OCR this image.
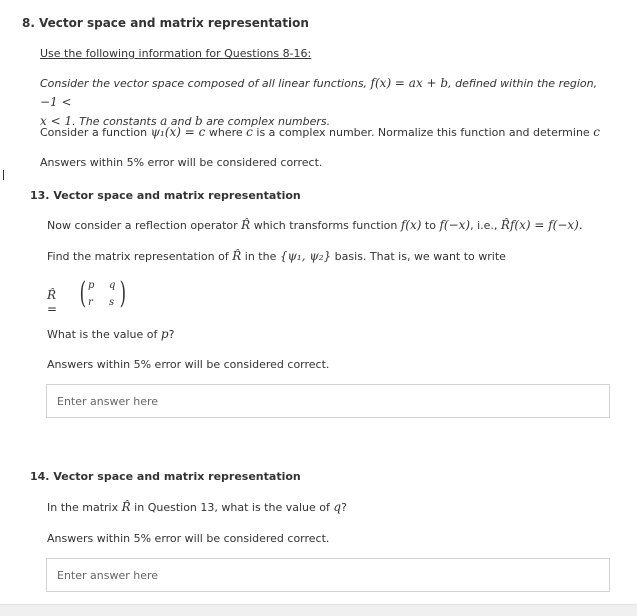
8. Vector space and matrix representation
Use the following information for Questions 8-16:
Consider the vector space composed of all linear functions, f(x) = ax + b, defined within the region, −1 <
x < 1. The constants a and b are complex numbers.
Consider a function ψ₁(x) = c where c is a complex number. Normalize this function and determine c
Answers within 5% error will be considered correct.
13. Vector space and matrix representation
Now consider a reflection operator R̂ which transforms function f(x) to f(−x), i.e., R̂f(x) = f(−x).
Find the matrix representation of R̂ in the {ψ₁, ψ₂} basis. That is, we want to write
R̂ = ( p q
r s )
What is the value of p?
Answers within 5% error will be considered correct.
Enter answer here
14. Vector space and matrix representation
In the matrix R̂ in Question 13, what is the value of q?
Answers within 5% error will be considered correct.
Enter answer here
